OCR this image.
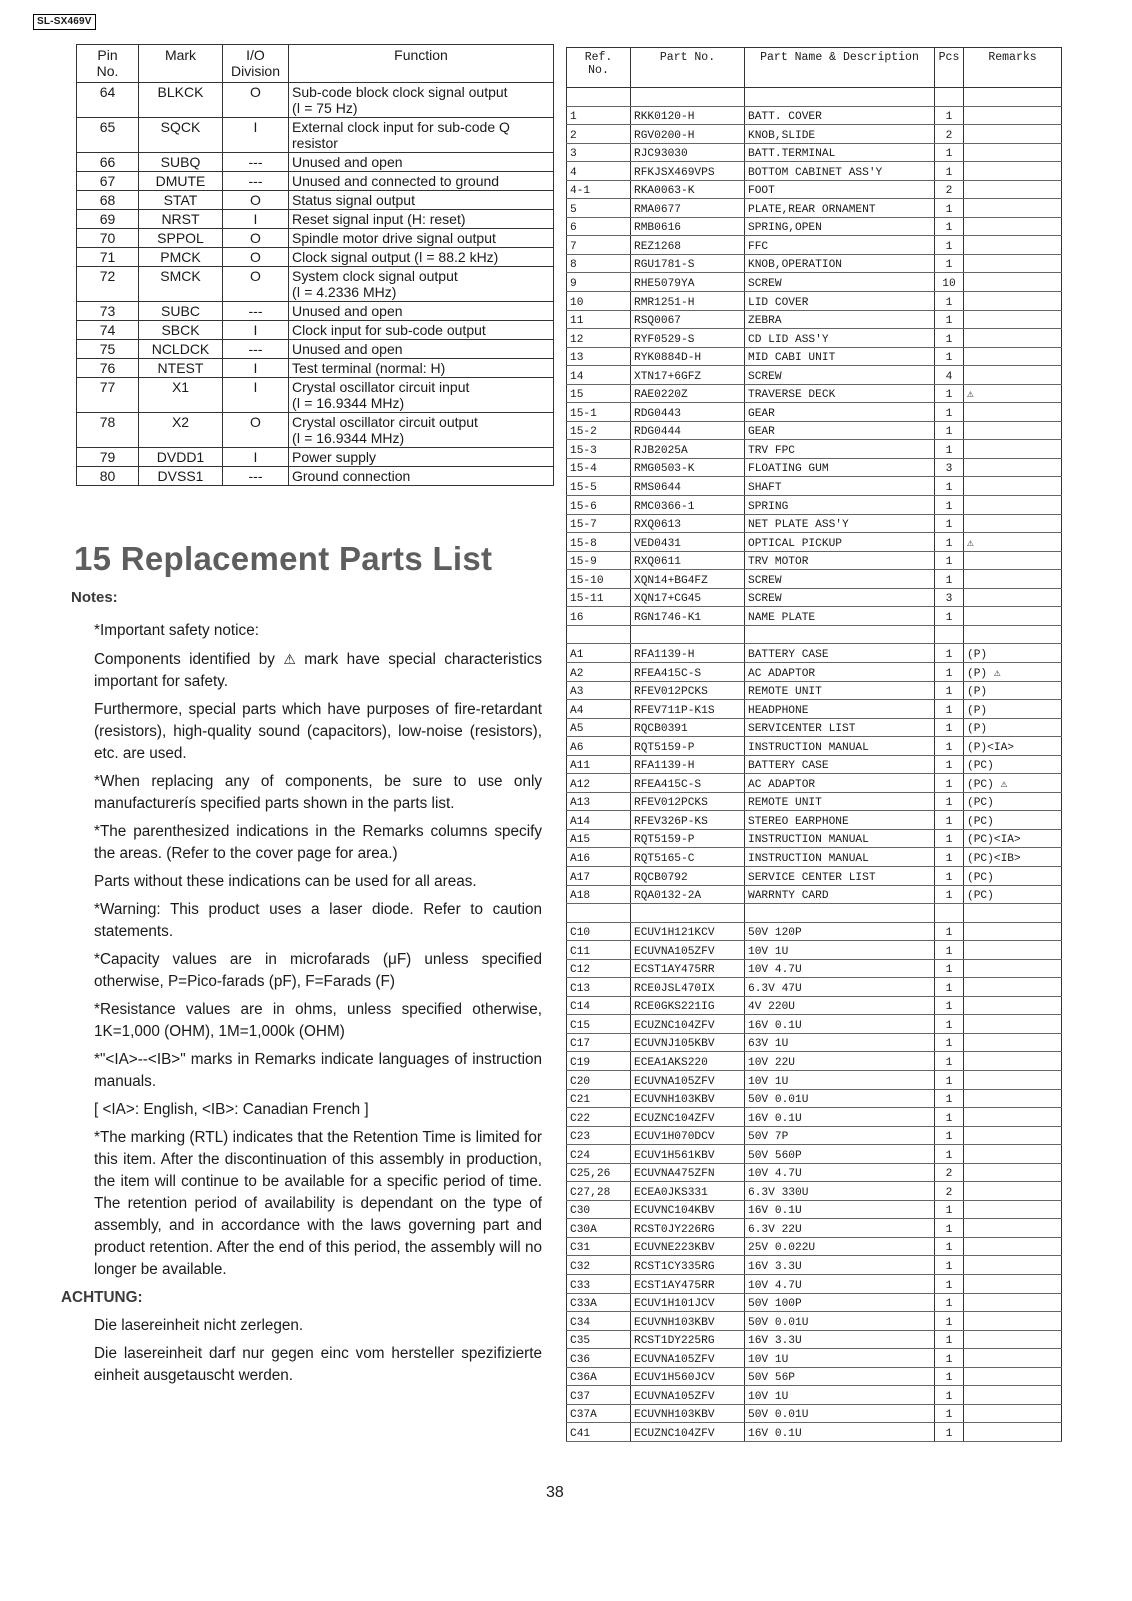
SL-SX469V
Pin
No.	Mark	I/O
Division	Function
64	BLKCK	O	Sub-code block clock signal output
(ǀ = 75 Hz)
65	SQCK	I	External clock input for sub-code Q
resistor
66	SUBQ	---	Unused and open
67	DMUTE	---	Unused and connected to ground
68	STAT	O	Status signal output
69	NRST	I	Reset signal input (H: reset)
70	SPPOL	O	Spindle motor drive signal output
71	PMCK	O	Clock signal output (ǀ = 88.2 kHz)
72	SMCK	O	System clock signal output
(ǀ = 4.2336 MHz)
73	SUBC	---	Unused and open
74	SBCK	I	Clock input for sub-code output
75	NCLDCK	---	Unused and open
76	NTEST	I	Test terminal (normal: H)
77	X1	I	Crystal oscillator circuit input
(ǀ = 16.9344 MHz)
78	X2	O	Crystal oscillator circuit output
(ǀ = 16.9344 MHz)
79	DVDD1	I	Power supply
80	DVSS1	---	Ground connection
15 Replacement Parts List
Notes:

*Important safety notice:

Components identified by ⚠ mark have special characteristics important for safety.

Furthermore, special parts which have purposes of fire-retardant (resistors), high-quality sound (capacitors), low-noise (resistors), etc. are used.

*When replacing any of components, be sure to use only manufacturerís specified parts shown in the parts list.

*The parenthesized indications in the Remarks columns specify the areas. (Refer to the cover page for area.)

Parts without these indications can be used for all areas.

*Warning: This product uses a laser diode. Refer to caution statements.

*Capacity values are in microfarads (μF) unless specified otherwise, P=Pico-farads (pF), F=Farads (F)

*Resistance values are in ohms, unless specified otherwise, 1K=1,000 (OHM), 1M=1,000k (OHM)

*"<IA>--<IB>" marks in Remarks indicate languages of instruction manuals.

[ <IA>: English, <IB>: Canadian French ]

*The marking (RTL) indicates that the Retention Time is limited for this item. After the discontinuation of this assembly in production, the item will continue to be available for a specific period of time. The retention period of availability is dependant on the type of assembly, and in accordance with the laws governing part and product retention. After the end of this period, the assembly will no longer be available.

ACHTUNG:

Die lasereinheit nicht zerlegen.

Die lasereinheit darf nur gegen einc vom hersteller spezifizierte einheit ausgetauscht werden.

Ref.
No.	Part No.	Part Name & Description	Pcs	Remarks

1	RKK0120-H	BATT. COVER	1	
2	RGV0200-H	KNOB,SLIDE	2	
3	RJC93030	BATT.TERMINAL	1	
4	RFKJSX469VPS	BOTTOM CABINET ASS'Y	1	
4-1	RKA0063-K	FOOT	2	
5	RMA0677	PLATE,REAR ORNAMENT	1	
6	RMB0616	SPRING,OPEN	1	
7	REZ1268	FFC	1	
8	RGU1781-S	KNOB,OPERATION	1	
9	RHE5079YA	SCREW	10	
10	RMR1251-H	LID COVER	1	
11	RSQ0067	ZEBRA	1	
12	RYF0529-S	CD LID ASS'Y	1	
13	RYK0884D-H	MID CABI UNIT	1	
14	XTN17+6GFZ	SCREW	4	
15	RAE0220Z	TRAVERSE DECK	1	⚠
15-1	RDG0443	GEAR	1	
15-2	RDG0444	GEAR	1	
15-3	RJB2025A	TRV FPC	1	
15-4	RMG0503-K	FLOATING GUM	3	
15-5	RMS0644	SHAFT	1	
15-6	RMC0366-1	SPRING	1	
15-7	RXQ0613	NET PLATE ASS'Y	1	
15-8	VED0431	OPTICAL PICKUP	1	⚠
15-9	RXQ0611	TRV MOTOR	1	
15-10	XQN14+BG4FZ	SCREW	1	
15-11	XQN17+CG45	SCREW	3	
16	RGN1746-K1	NAME PLATE	1	

A1	RFA1139-H	BATTERY CASE	1	(P)
A2	RFEA415C-S	AC ADAPTOR	1	(P) ⚠
A3	RFEV012PCKS	REMOTE UNIT	1	(P)
A4	RFEV711P-K1S	HEADPHONE	1	(P)
A5	RQCB0391	SERVICENTER LIST	1	(P)
A6	RQT5159-P	INSTRUCTION MANUAL	1	(P)<IA>
A11	RFA1139-H	BATTERY CASE	1	(PC)
A12	RFEA415C-S	AC ADAPTOR	1	(PC) ⚠
A13	RFEV012PCKS	REMOTE UNIT	1	(PC)
A14	RFEV326P-KS	STEREO EARPHONE	1	(PC)
A15	RQT5159-P	INSTRUCTION MANUAL	1	(PC)<IA>
A16	RQT5165-C	INSTRUCTION MANUAL	1	(PC)<IB>
A17	RQCB0792	SERVICE CENTER LIST	1	(PC)
A18	RQA0132-2A	WARRNTY CARD	1	(PC)

C10	ECUV1H121KCV	50V 120P	1	
C11	ECUVNA105ZFV	10V 1U	1	
C12	ECST1AY475RR	10V 4.7U	1	
C13	RCE0JSL470IX	6.3V 47U	1	
C14	RCE0GKS221IG	4V 220U	1	
C15	ECUZNC104ZFV	16V 0.1U	1	
C17	ECUVNJ105KBV	63V 1U	1	
C19	ECEA1AKS220	10V 22U	1	
C20	ECUVNA105ZFV	10V 1U	1	
C21	ECUVNH103KBV	50V 0.01U	1	
C22	ECUZNC104ZFV	16V 0.1U	1	
C23	ECUV1H070DCV	50V 7P	1	
C24	ECUV1H561KBV	50V 560P	1	
C25,26	ECUVNA475ZFN	10V 4.7U	2	
C27,28	ECEA0JKS331	6.3V 330U	2	
C30	ECUVNC104KBV	16V 0.1U	1	
C30A	RCST0JY226RG	6.3V 22U	1	
C31	ECUVNE223KBV	25V 0.022U	1	
C32	RCST1CY335RG	16V 3.3U	1	
C33	ECST1AY475RR	10V 4.7U	1	
C33A	ECUV1H101JCV	50V 100P	1	
C34	ECUVNH103KBV	50V 0.01U	1	
C35	RCST1DY225RG	16V 3.3U	1	
C36	ECUVNA105ZFV	10V 1U	1	
C36A	ECUV1H560JCV	50V 56P	1	
C37	ECUVNA105ZFV	10V 1U	1	
C37A	ECUVNH103KBV	50V 0.01U	1	
C41	ECUZNC104ZFV	16V 0.1U	1	
38
